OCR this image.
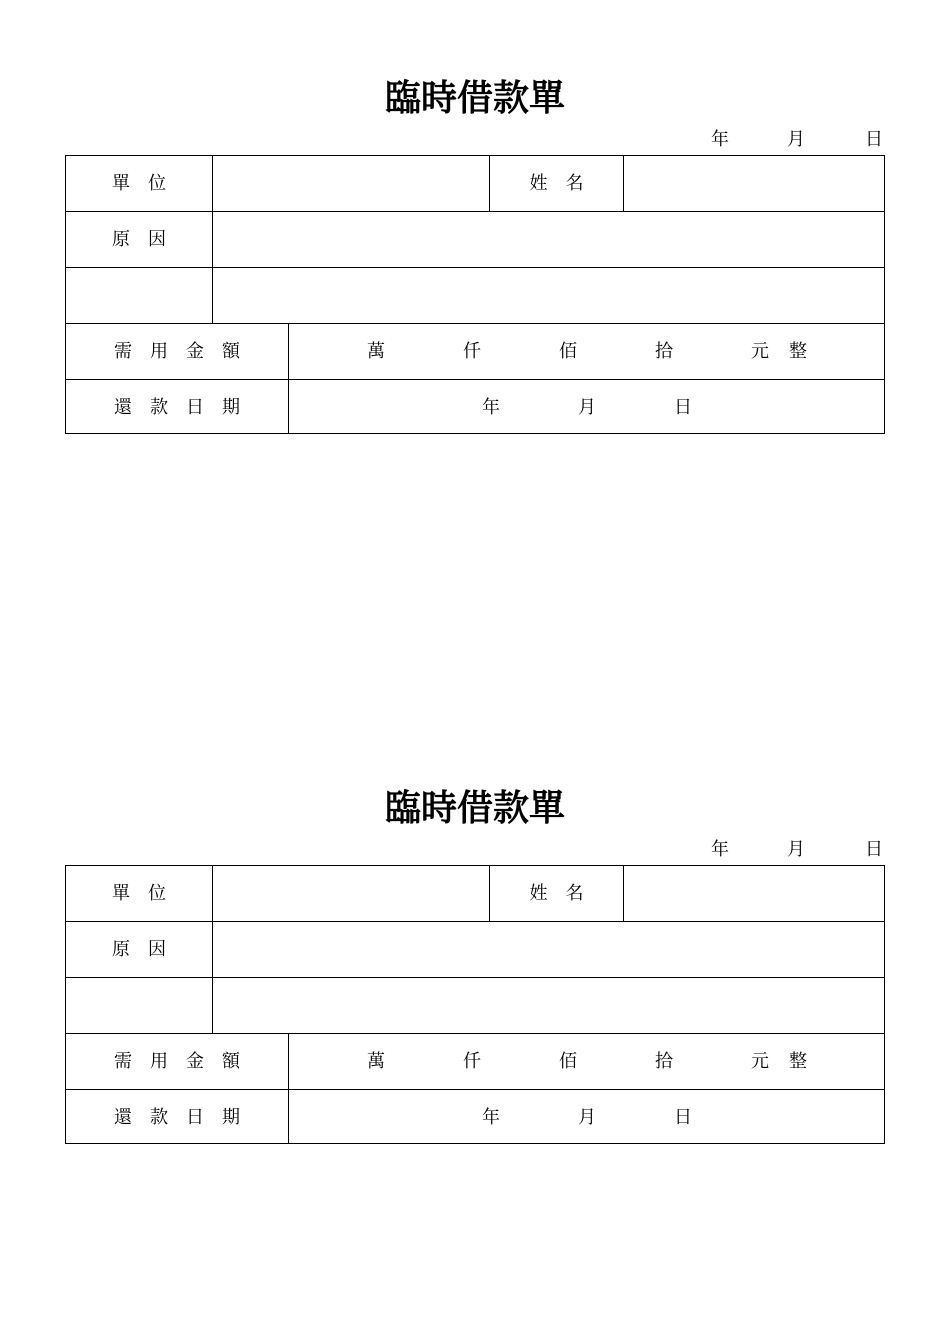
臨時借款單
年	月	日
單　位	姓　名
原　因
需　用　金　額	萬	仟	佰	拾	元 整
還　款　日　期	年	月	日
臨時借款單
年	月	日
單　位	姓　名
原　因
需　用　金　額	萬	仟	佰	拾	元 整
還　款　日　期	年	月	日
